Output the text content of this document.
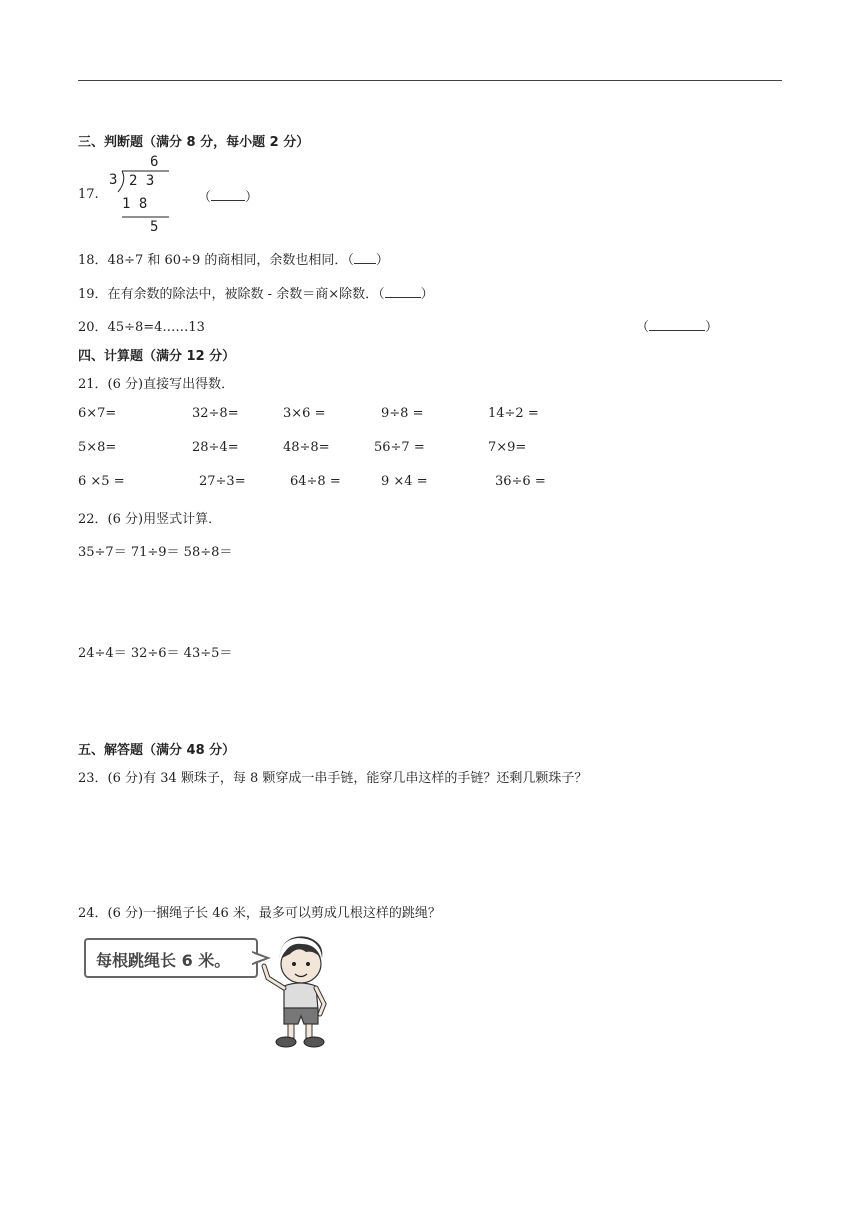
三、判断题（满分 8 分，每小题 2 分）
17.
6
3 2 3
1 8
5
（	）
18．48÷7 和 60÷9 的商相同，余数也相同．（ ）
19．在有余数的除法中，被除数 - 余数＝商×除数．（	）
20．45÷8=4……13	（	）
四、计算题（满分 12 分）
21．(6 分)直接写出得数．
6×7=	32÷8=	3×6 =	9÷8 =	14÷2 =
5×8=	28÷4=	48÷8=	56÷7 =	7×9=
6 ×5 =	27÷3=	64÷8 =	9 ×4 =	36÷6 =
22．(6 分)用竖式计算．
35÷7＝ 71÷9＝ 58÷8＝
24÷4＝ 32÷6＝ 43÷5＝
五、解答题（满分 48 分）
23．(6 分)有 34 颗珠子，每 8 颗穿成一串手链，能穿几串这样的手链？还剩几颗珠子？
24．(6 分)一捆绳子长 46 米，最多可以剪成几根这样的跳绳？
每根跳绳长 6 米。
